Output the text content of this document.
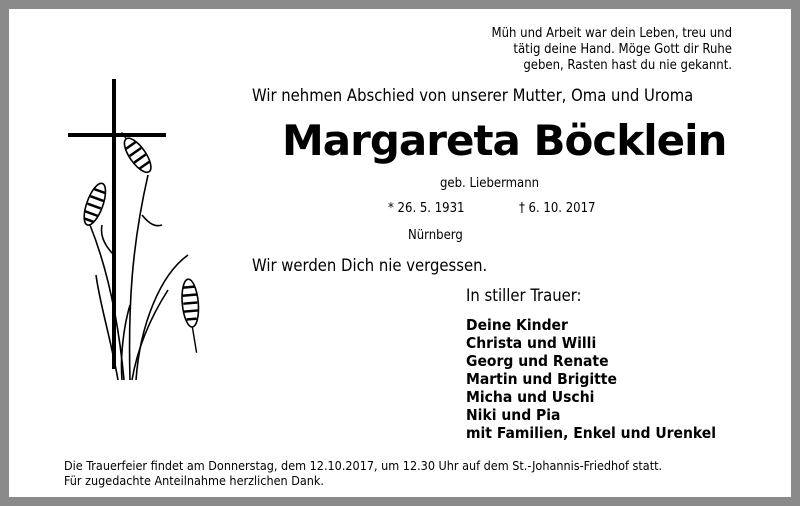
Müh und Arbeit war dein Leben, treu und
tätig deine Hand. Möge Gott dir Ruhe
geben, Rasten hast du nie gekannt.
Wir nehmen Abschied von unserer Mutter, Oma und Uroma
Margareta Böcklein
geb. Liebermann
* 26. 5. 1931	† 6. 10. 2017
Nürnberg
Wir werden Dich nie vergessen.
In stiller Trauer:
Deine Kinder
Christa und Willi
Georg und Renate
Martin und Brigitte
Micha und Uschi
Niki und Pia
mit Familien, Enkel und Urenkel
Die Trauerfeier findet am Donnerstag, dem 12.10.2017, um 12.30 Uhr auf dem St.-Johannis-Friedhof statt.
Für zugedachte Anteilnahme herzlichen Dank.
